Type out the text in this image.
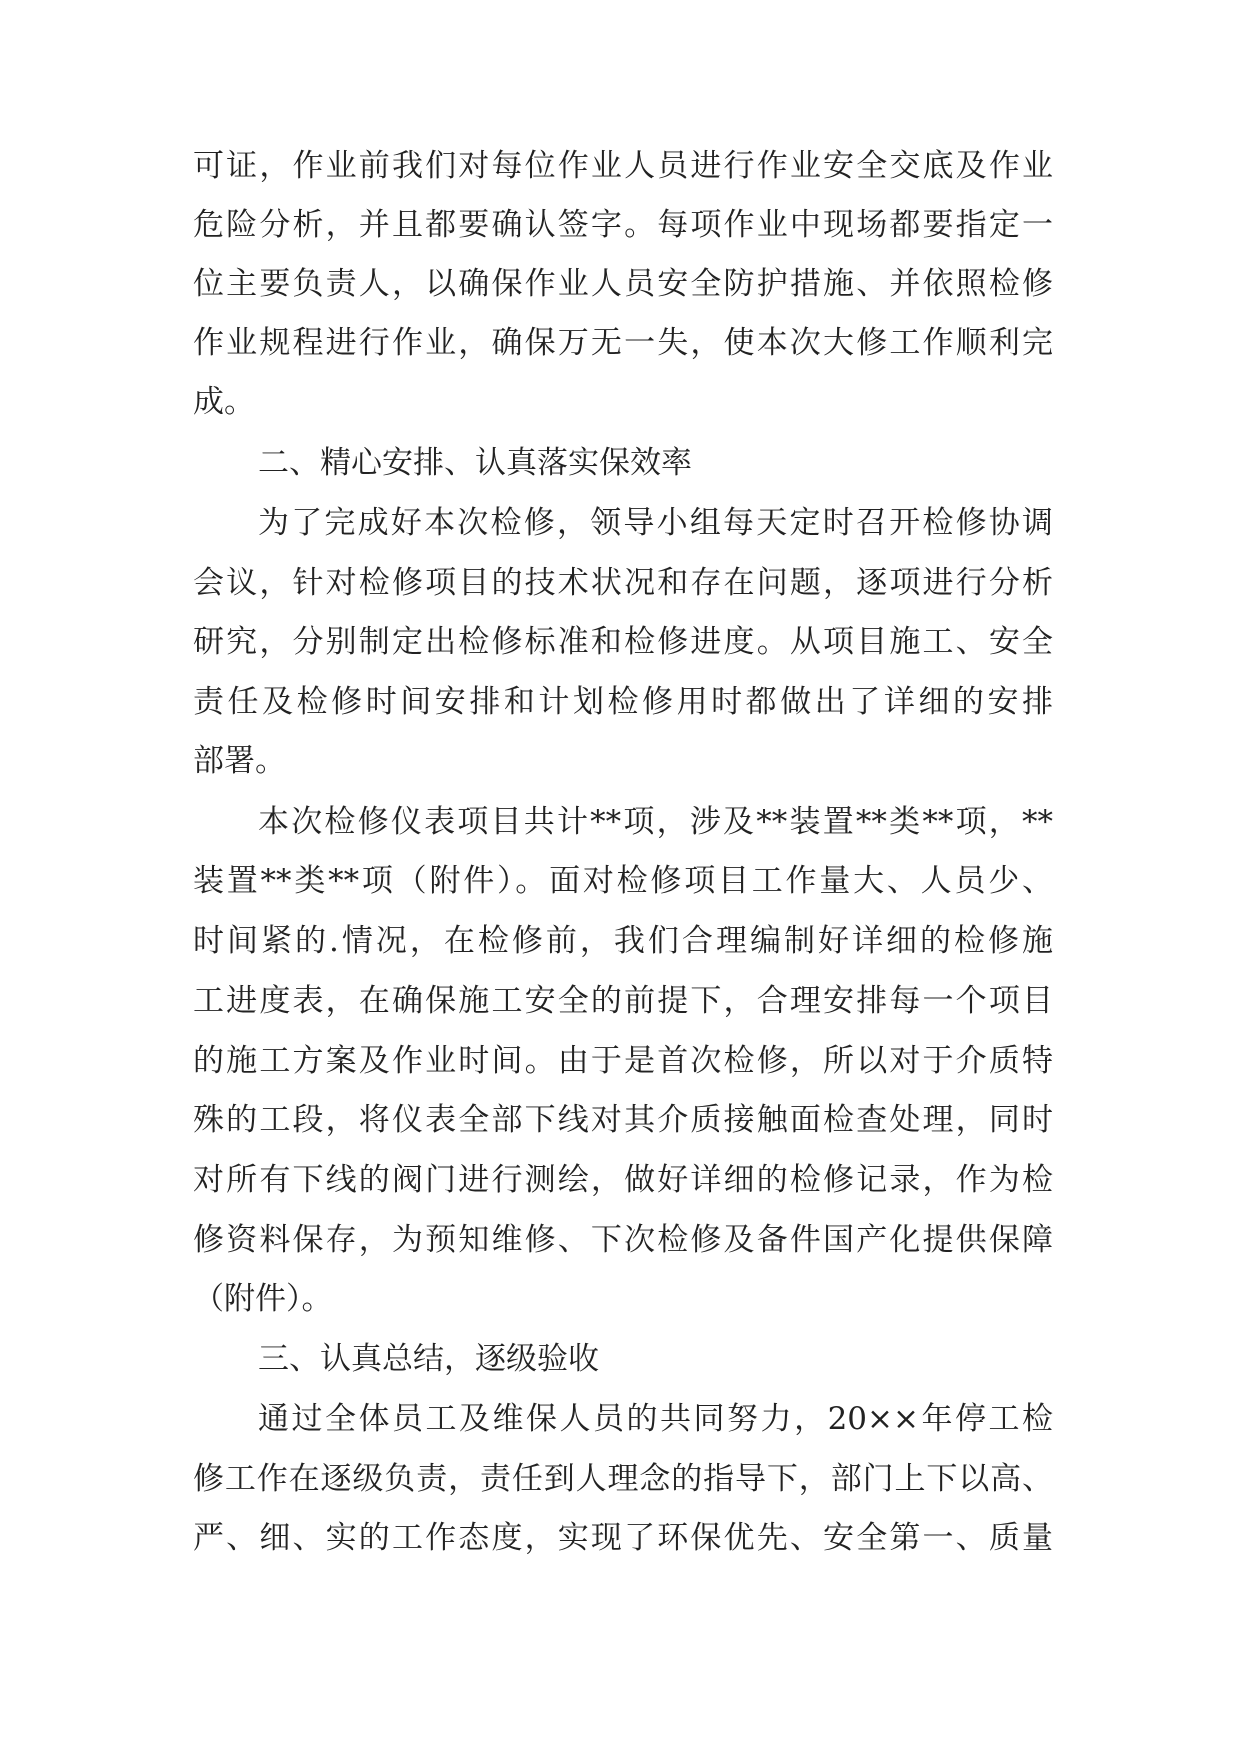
可证，作业前我们对每位作业人员进行作业安全交底及作业

危险分析，并且都要确认签字。每项作业中现场都要指定一

位主要负责人，以确保作业人员安全防护措施、并依照检修

作业规程进行作业，确保万无一失，使本次大修工作顺利完

成。

二、精心安排、认真落实保效率

为了完成好本次检修，领导小组每天定时召开检修协调

会议，针对检修项目的技术状况和存在问题，逐项进行分析

研究，分别制定出检修标准和检修进度。从项目施工、安全

责任及检修时间安排和计划检修用时都做出了详细的安排

部署。

本次检修仪表项目共计**项，涉及**装置**类**项，**

装置**类**项（附件）。面对检修项目工作量大、人员少、

时间紧的.情况，在检修前，我们合理编制好详细的检修施

工进度表，在确保施工安全的前提下，合理安排每一个项目

的施工方案及作业时间。由于是首次检修，所以对于介质特

殊的工段，将仪表全部下线对其介质接触面检查处理，同时

对所有下线的阀门进行测绘，做好详细的检修记录，作为检

修资料保存，为预知维修、下次检修及备件国产化提供保障

（附件）。

三、认真总结，逐级验收

通过全体员工及维保人员的共同努力，20××年停工检

修工作在逐级负责，责任到人理念的指导下，部门上下以高、

严、细、实的工作态度，实现了环保优先、安全第一、质量
